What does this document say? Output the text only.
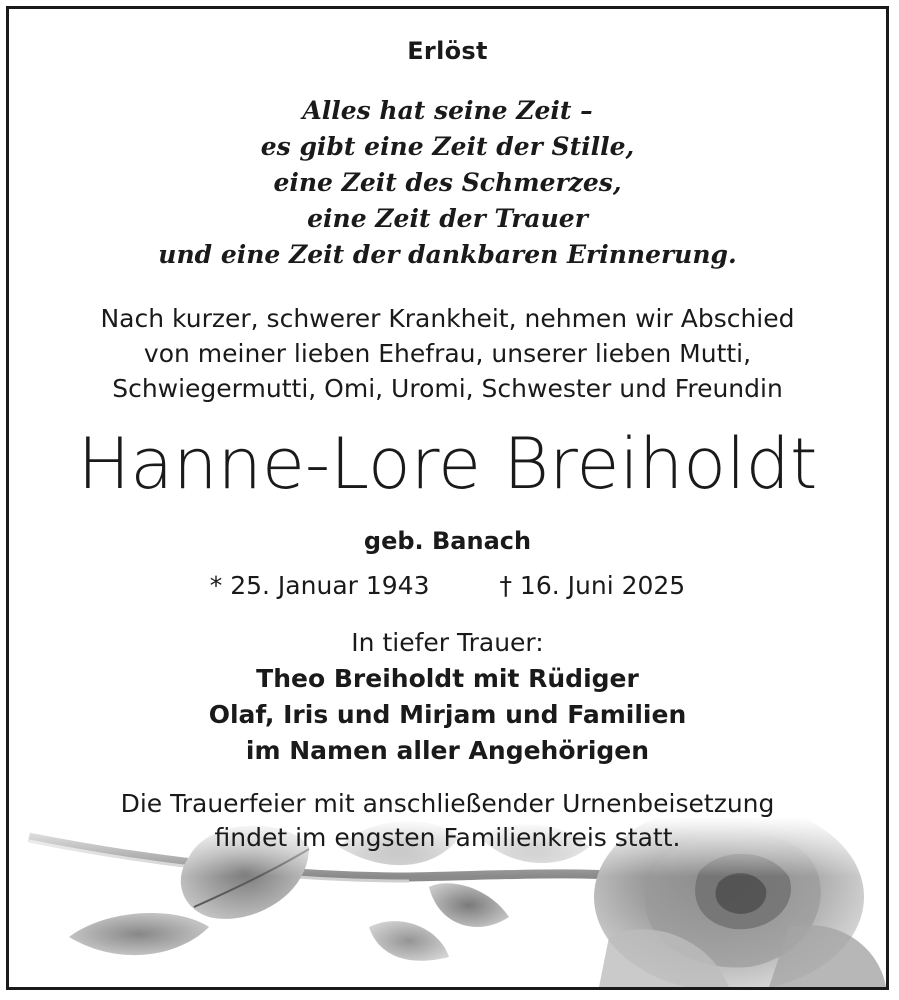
Erlöst
Alles hat seine Zeit –
es gibt eine Zeit der Stille,
eine Zeit des Schmerzes,
eine Zeit der Trauer
und eine Zeit der dankbaren Erinnerung.
Nach kurzer, schwerer Krankheit, nehmen wir Abschied
von meiner lieben Ehefrau, unserer lieben Mutti,
Schwiegermutti, Omi, Uromi, Schwester und Freundin
Hanne-Lore Breiholdt
geb. Banach
* 25. Januar 1943	† 16. Juni 2025
In tiefer Trauer:
Theo Breiholdt mit Rüdiger
Olaf, Iris und Mirjam und Familien
im Namen aller Angehörigen
Die Trauerfeier mit anschließender Urnenbeisetzung
findet im engsten Familienkreis statt.
